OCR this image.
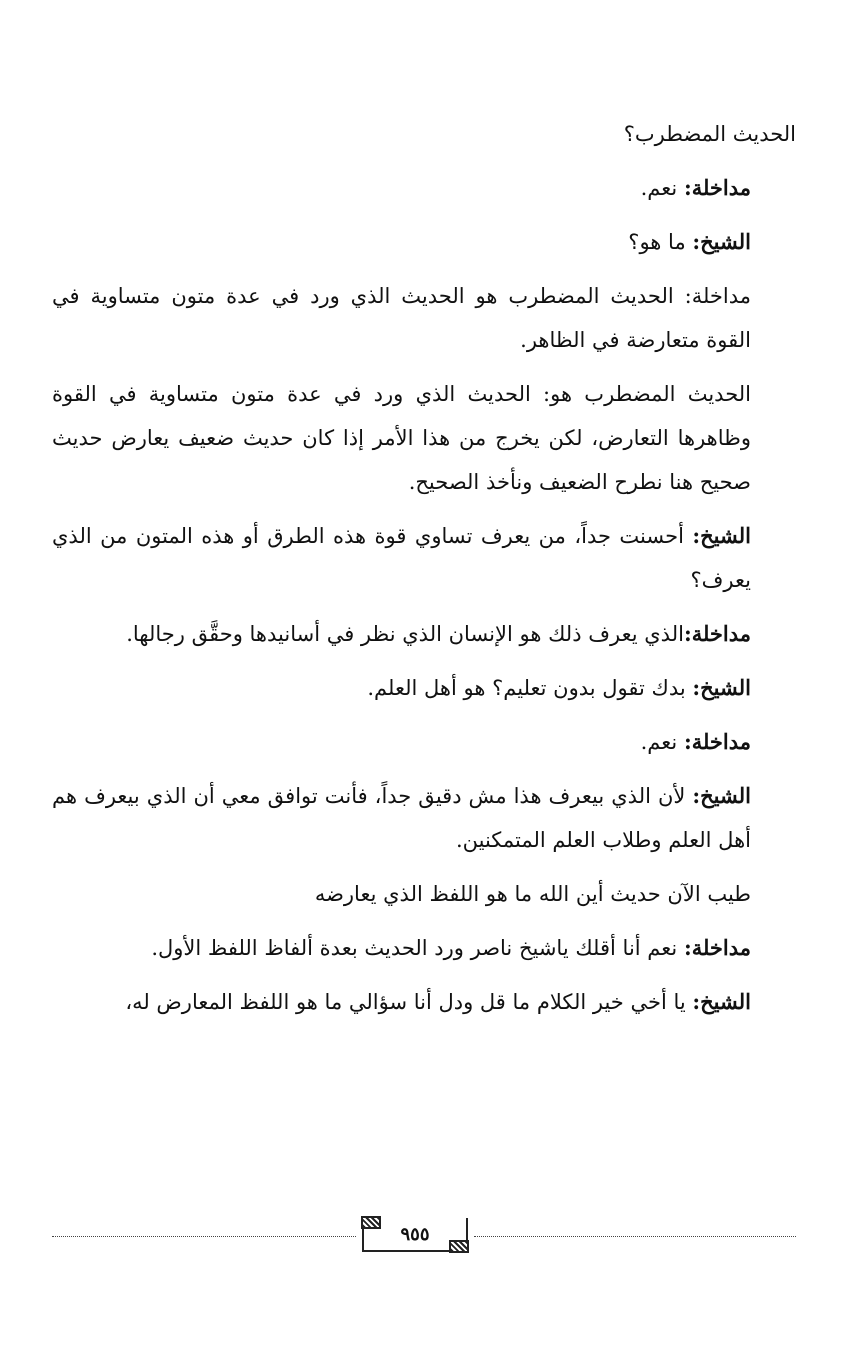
الحديث المضطرب؟

مداخلة: نعم.

الشيخ: ما هو؟

مداخلة: الحديث المضطرب هو الحديث الذي ورد في عدة متون متساوية في القوة متعارضة في الظاهر.

الحديث المضطرب هو: الحديث الذي ورد في عدة متون متساوية في القوة وظاهرها التعارض، لكن يخرج من هذا الأمر إذا كان حديث ضعيف يعارض حديث صحيح هنا نطرح الضعيف ونأخذ الصحيح.

الشيخ: أحسنت جداً، من يعرف تساوي قوة هذه الطرق أو هذه المتون من الذي يعرف؟

مداخلة:الذي يعرف ذلك هو الإنسان الذي نظر في أسانيدها وحقَّق رجالها.

الشيخ: بدك تقول بدون تعليم؟ هو أهل العلم.

مداخلة: نعم.

الشيخ: لأن الذي بيعرف هذا مش دقيق جداً، فأنت توافق معي أن الذي بيعرف هم أهل العلم وطلاب العلم المتمكنين.

طيب الآن حديث أين الله ما هو اللفظ الذي يعارضه

مداخلة: نعم أنا أقلك ياشيخ ناصر ورد الحديث بعدة ألفاظ اللفظ الأول.

الشيخ: يا أخي خير الكلام ما قل ودل أنا سؤالي ما هو اللفظ المعارض له،

٩٥٥
